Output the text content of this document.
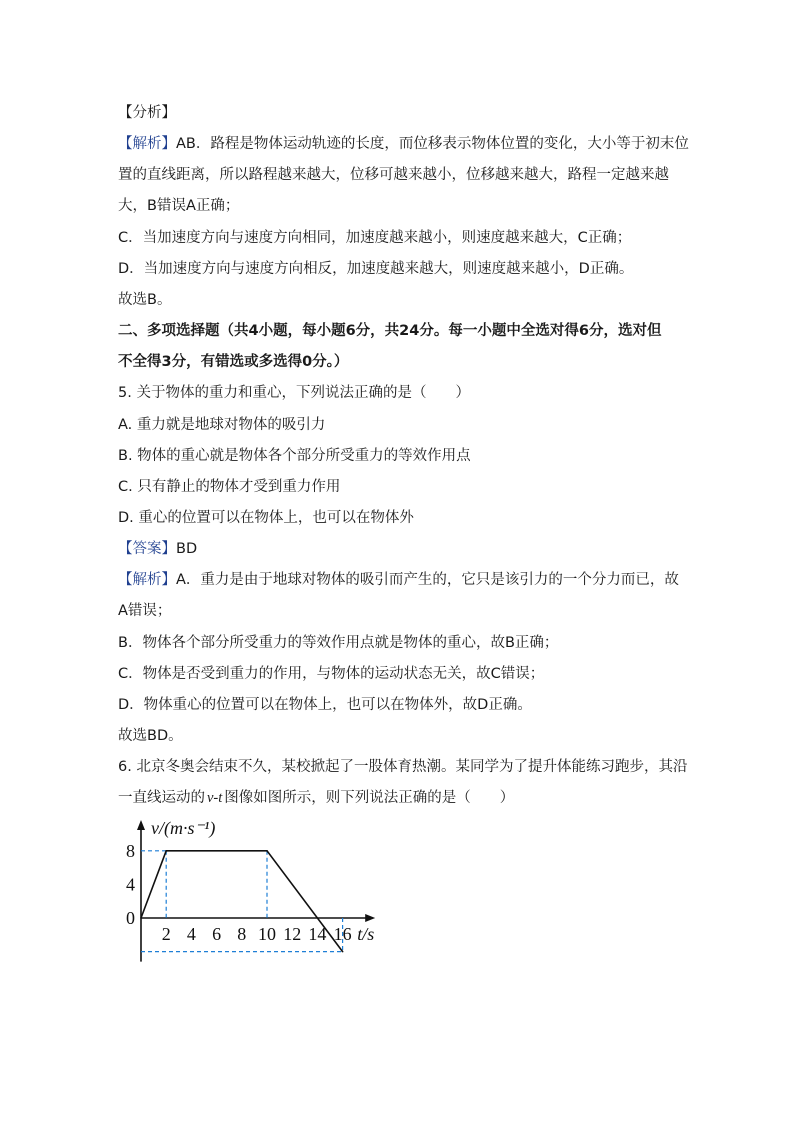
【分析】
【解析】AB．路程是物体运动轨迹的长度，而位移表示物体位置的变化，大小等于初末位
置的直线距离，所以路程越来越大，位移可越来越小，位移越来越大，路程一定越来越
大，B错误A正确；
C．当加速度方向与速度方向相同，加速度越来越小，则速度越来越大，C正确；
D．当加速度方向与速度方向相反，加速度越来越大，则速度越来越小，D正确。
故选B。
二、多项选择题（共4小题，每小题6分，共24分。每一小题中全选对得6分，选对但
不全得3分，有错选或多选得0分。）
5. 关于物体的重力和重心，下列说法正确的是（　　）
A. 重力就是地球对物体的吸引力
B. 物体的重心就是物体各个部分所受重力的等效作用点
C. 只有静止的物体才受到重力作用
D. 重心的位置可以在物体上，也可以在物体外
【答案】BD
【解析】A．重力是由于地球对物体的吸引而产生的，它只是该引力的一个分力而已，故
A错误；
B．物体各个部分所受重力的等效作用点就是物体的重心，故B正确；
C．物体是否受到重力的作用，与物体的运动状态无关，故C错误；
D．物体重心的位置可以在物体上，也可以在物体外，故D正确。
故选BD。
6. 北京冬奥会结束不久，某校掀起了一股体育热潮。某同学为了提升体能练习跑步，其沿
一直线运动的 v-t 图像如图所示，则下列说法正确的是（　　）
2 4 6 8 10 12 14 16
8
4
0
v/(m·s⁻¹)
t/s
